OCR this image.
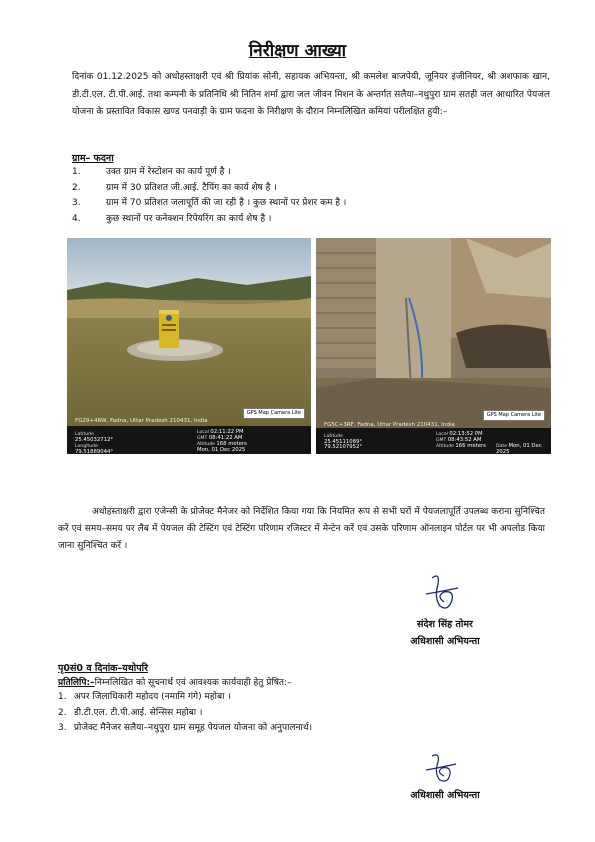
निरीक्षण आख्या
दिनांक 01.12.2025 को अधोहस्ताक्षरी एवं श्री प्रियांक सोनी, सहायक अभियन्ता, श्री कमलेश बाजपेयी, जूनियर इंजीनियर, श्री अशफाक खान, डी.टी.एल. टी.पी.आई. तथा कम्पनी के प्रतिनिधि श्री नितिन शर्मा द्वारा जल जीवन मिशन के अन्तर्गत सलैया–नथुपुरा ग्राम सतही जल आधारित पेयजल योजना के प्रस्तावित विकास खण्ड पनवाड़ी के ग्राम फदना के निरीक्षण के दौरान निम्नलिखित कमियां परीलक्षित हुयी:–
ग्राम– फदना
1.	उक्त ग्राम में रेस्टोशन का कार्य पूर्ण है ।
2.	ग्राम में 30 प्रतिशत जी.आई. टैपिंग का कार्य शेष है ।
3.	ग्राम में 70 प्रतिशत जलापूर्ति की जा रही है । कुछ स्थानों पर प्रेशर कम है ।
4.	कुछ स्थानों पर कनेक्शन रिपेयरिंग का कार्य शेष है ।
GPS Map Camera Lite
FG29+4RW, Fadna, Uttar Pradesh 210431, India
Latitude
25.45032712°
Longitude
79.51889044°
Local 02:11:22 PM
GMT 08:41:22 AM
Altitude 168 meters
Mon, 01 Dec 2025
GPS Map Camera Lite
FG5C+3RF, Fadna, Uttar Pradesh 210431, India
Latitude
25.45111089°
79.52107952°
Local 02:13:52 PM
GMT 08:43:52 AM
Altitude 166 meters Date Mon, 01 Dec 2025
अधोहस्ताक्षरी द्वारा एजेन्सी के प्रोजेक्ट मैनेजर को निर्देशित किया गया कि नियमित रूप से सभी घरों में पेयजलापूर्ति उपलब्ध कराना सुनिश्चित करें एवं समय–समय पर लैब में पेयजल की टेस्टिंग एवं टेस्टिंग परिणाम रजिस्टर में मेन्टेन करें एवं उसके परिणाम ऑनलाइन पोर्टल पर भी अपलोड किया जाना सुनिश्चित करें ।
संदेश सिंह तोमर
अधिशासी अभियन्ता
पृ0सं0 व दिनांक–यथोपरि
प्रतिलिपि:–निम्नलिखित को सूचनार्थ एवं आवश्यक कार्यवाही हेतु प्रेषित:–
1. अपर जिलाधिकारी महोदय (नमामि गंगे) महोबा ।
2. डी.टी.एल. टी.पी.आई. सेन्सिस महोबा ।
3. प्रोजेक्ट मैनेजर सलैया–नथुपुरा ग्राम समूह पेयजल योजना को अनुपालनार्थ।
अधिशासी अभियन्ता
